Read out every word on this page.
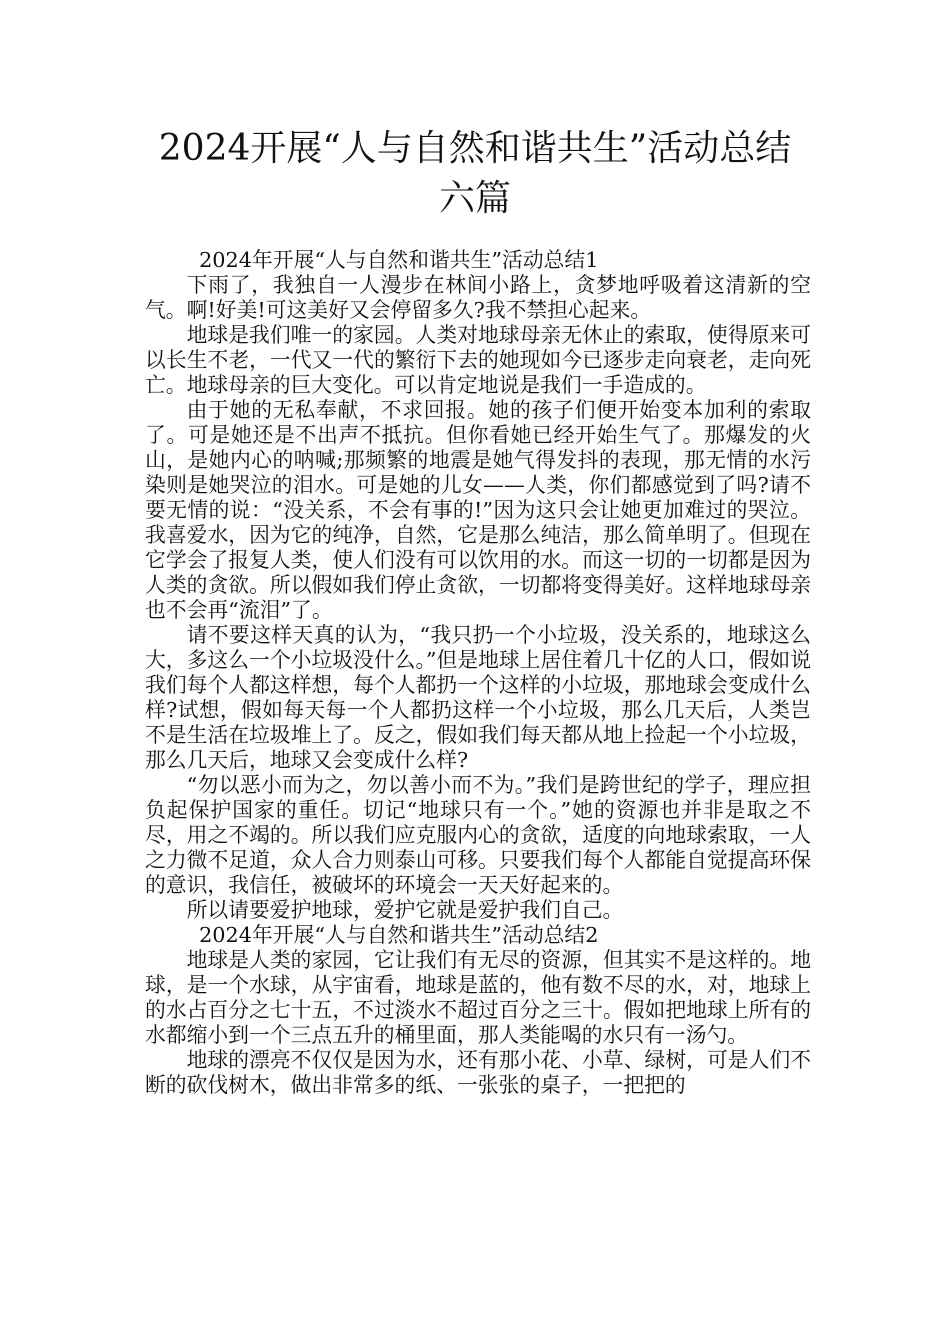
2024开展“人与自然和谐共生”活动总结
六篇

2024年开展“人与自然和谐共生”活动总结1

下雨了，我独自一人漫步在林间小路上，贪梦地呼吸着这清新的空气。啊!好美!可这美好又会停留多久?我不禁担心起来。

地球是我们唯一的家园。人类对地球母亲无休止的索取，使得原来可以长生不老，一代又一代的繁衍下去的她现如今已逐步走向衰老，走向死亡。地球母亲的巨大变化。可以肯定地说是我们一手造成的。

由于她的无私奉献，不求回报。她的孩子们便开始变本加利的索取了。可是她还是不出声不抵抗。但你看她已经开始生气了。那爆发的火山，是她内心的呐喊;那频繁的地震是她气得发抖的表现，那无情的水污染则是她哭泣的泪水。可是她的儿女——人类，你们都感觉到了吗?请不要无情的说：“没关系，不会有事的!”因为这只会让她更加难过的哭泣。我喜爱水，因为它的纯净，自然，它是那么纯洁，那么简单明了。但现在它学会了报复人类，使人们没有可以饮用的水。而这一切的一切都是因为人类的贪欲。所以假如我们停止贪欲，一切都将变得美好。这样地球母亲也不会再“流泪”了。

请不要这样天真的认为，“我只扔一个小垃圾，没关系的，地球这么大，多这么一个小垃圾没什么。”但是地球上居住着几十亿的人口，假如说我们每个人都这样想，每个人都扔一个这样的小垃圾，那地球会变成什么样?试想，假如每天每一个人都扔这样一个小垃圾，那么几天后，人类岂不是生活在垃圾堆上了。反之，假如我们每天都从地上捡起一个小垃圾，那么几天后，地球又会变成什么样?

“勿以恶小而为之，勿以善小而不为。”我们是跨世纪的学子，理应担负起保护国家的重任。切记“地球只有一个。”她的资源也并非是取之不尽，用之不竭的。所以我们应克服内心的贪欲，适度的向地球索取，一人之力微不足道，众人合力则泰山可移。只要我们每个人都能自觉提高环保的意识，我信任，被破坏的环境会一天天好起来的。

所以请要爱护地球，爱护它就是爱护我们自己。

2024年开展“人与自然和谐共生”活动总结2

地球是人类的家园，它让我们有无尽的资源，但其实不是这样的。地球，是一个水球，从宇宙看，地球是蓝的，他有数不尽的水，对，地球上的水占百分之七十五，不过淡水不超过百分之三十。假如把地球上所有的水都缩小到一个三点五升的桶里面，那人类能喝的水只有一汤勺。

地球的漂亮不仅仅是因为水，还有那小花、小草、绿树，可是人们不断的砍伐树木，做出非常多的纸、一张张的桌子，一把把的
